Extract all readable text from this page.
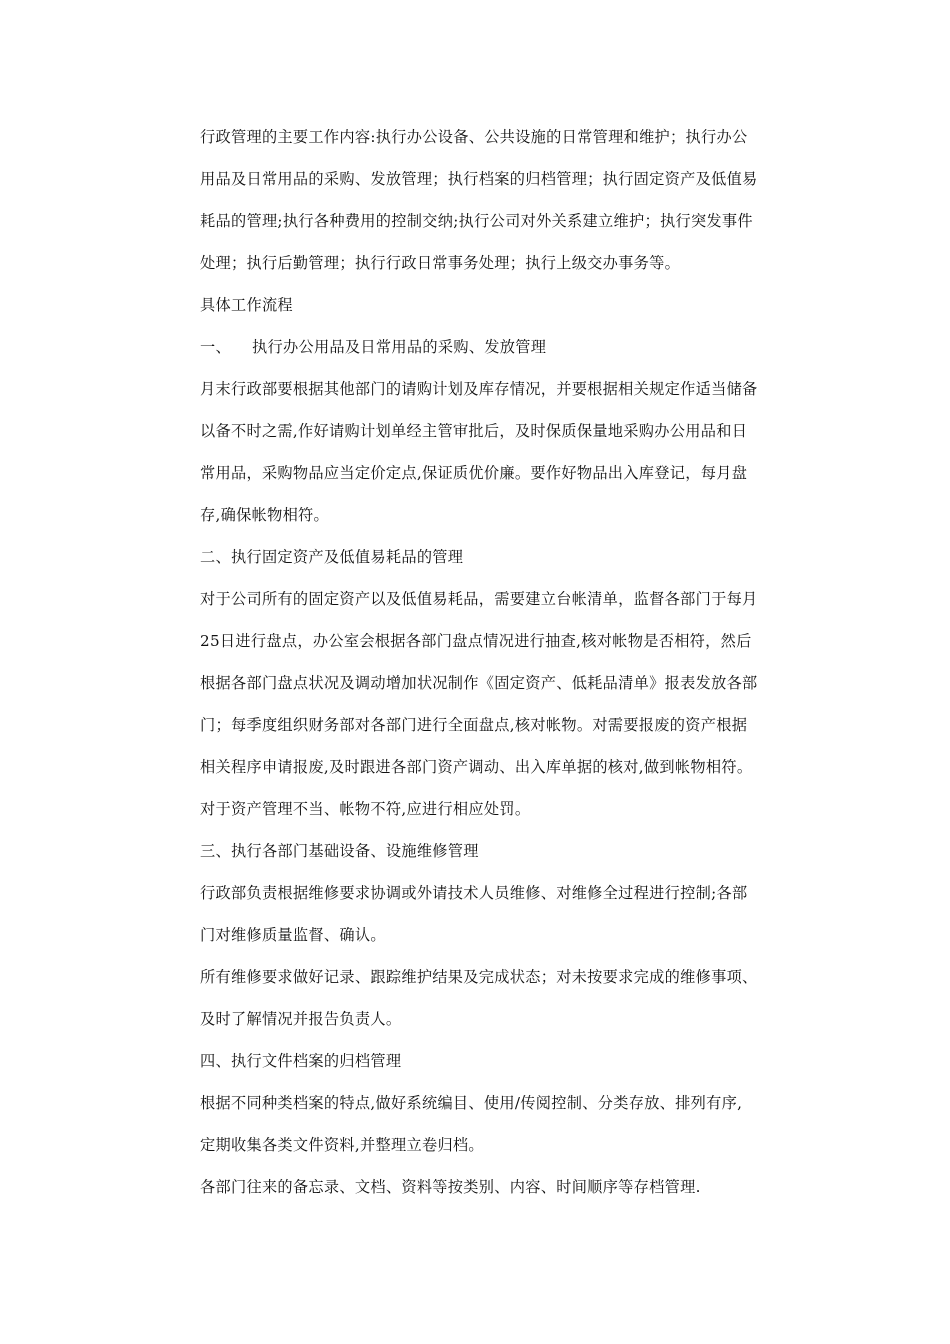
行政管理的主要工作内容:执行办公设备、公共设施的日常管理和维护；执行办公
用品及日常用品的采购、发放管理；执行档案的归档管理；执行固定资产及低值易
耗品的管理;执行各种费用的控制交纳;执行公司对外关系建立维护；执行突发事件
处理；执行后勤管理；执行行政日常事务处理；执行上级交办事务等。
具体工作流程
一、 执行办公用品及日常用品的采购、发放管理
月末行政部要根据其他部门的请购计划及库存情况，并要根据相关规定作适当储备
以备不时之需,作好请购计划单经主管审批后，及时保质保量地采购办公用品和日
常用品，采购物品应当定价定点,保证质优价廉。要作好物品出入库登记，每月盘
存,确保帐物相符。
二、执行固定资产及低值易耗品的管理
对于公司所有的固定资产以及低值易耗品，需要建立台帐清单，监督各部门于每月
25日进行盘点，办公室会根据各部门盘点情况进行抽查,核对帐物是否相符，然后
根据各部门盘点状况及调动增加状况制作《固定资产、低耗品清单》报表发放各部
门；每季度组织财务部对各部门进行全面盘点,核对帐物。对需要报废的资产根据
相关程序申请报废,及时跟进各部门资产调动、出入库单据的核对,做到帐物相符。
对于资产管理不当、帐物不符,应进行相应处罚。
三、执行各部门基础设备、设施维修管理
行政部负责根据维修要求协调或外请技术人员维修、对维修全过程进行控制;各部
门对维修质量监督、确认。
所有维修要求做好记录、跟踪维护结果及完成状态；对未按要求完成的维修事项、
及时了解情况并报告负责人。
四、执行文件档案的归档管理
根据不同种类档案的特点,做好系统编目、使用/传阅控制、分类存放、排列有序,
定期收集各类文件资料,并整理立卷归档。
各部门往来的备忘录、文档、资料等按类别、内容、时间顺序等存档管理.
